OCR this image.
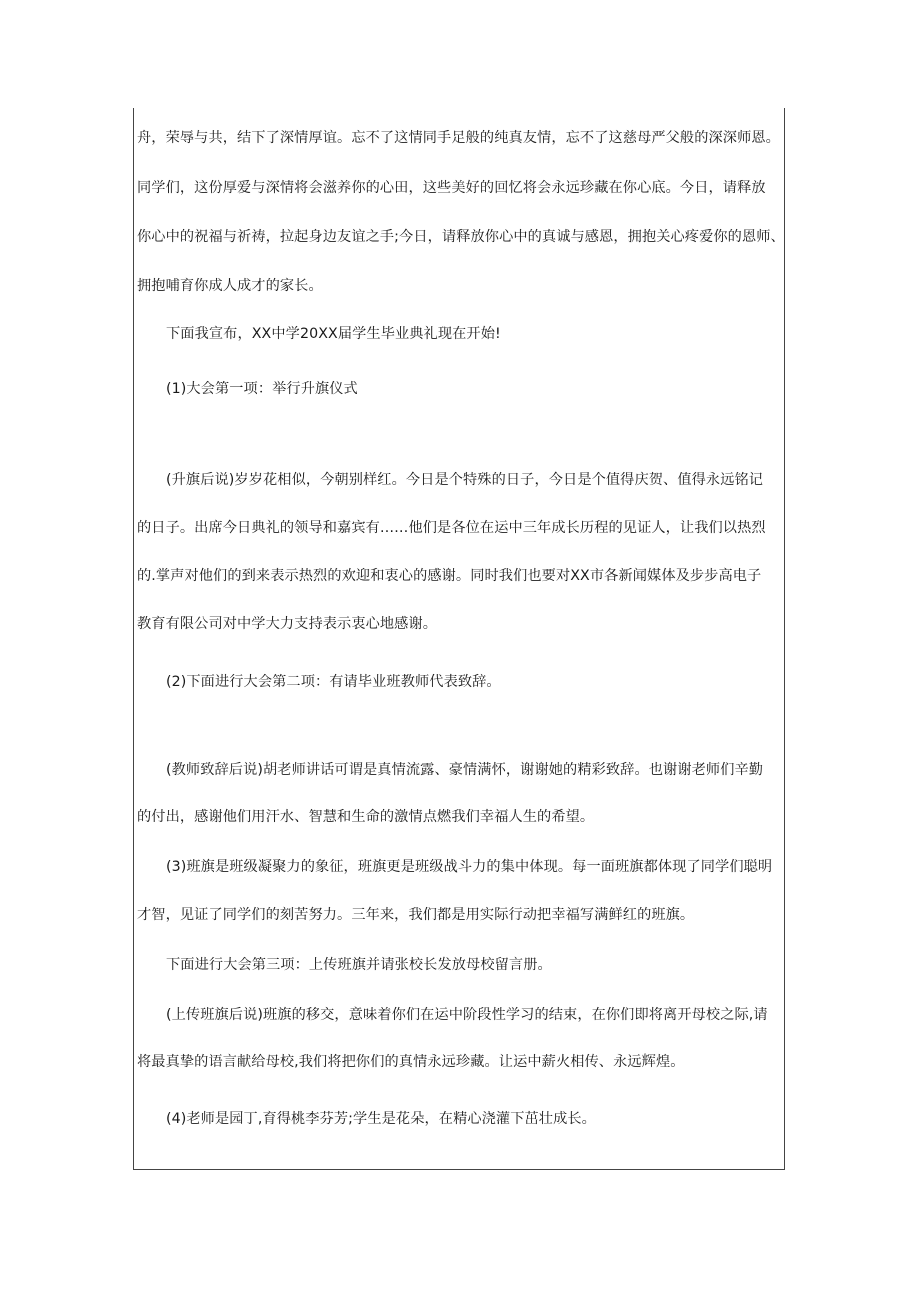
舟，荣辱与共，结下了深情厚谊。忘不了这情同手足般的纯真友情，忘不了这慈母严父般的深深师恩。
同学们，这份厚爱与深情将会滋养你的心田，这些美好的回忆将会永远珍藏在你心底。今日，请释放
你心中的祝福与祈祷，拉起身边友谊之手;今日，请释放你心中的真诚与感恩，拥抱关心疼爱你的恩师、
拥抱哺育你成人成才的家长。
下面我宣布，XX中学20XX届学生毕业典礼现在开始!
(1)大会第一项：举行升旗仪式
(升旗后说)岁岁花相似，今朝别样红。今日是个特殊的日子，今日是个值得庆贺、值得永远铭记
的日子。出席今日典礼的领导和嘉宾有……他们是各位在运中三年成长历程的见证人，让我们以热烈
的.掌声对他们的到来表示热烈的欢迎和衷心的感谢。同时我们也要对XX市各新闻媒体及步步高电子
教育有限公司对中学大力支持表示衷心地感谢。
(2)下面进行大会第二项：有请毕业班教师代表致辞。
(教师致辞后说)胡老师讲话可谓是真情流露、豪情满怀，谢谢她的精彩致辞。也谢谢老师们辛勤
的付出，感谢他们用汗水、智慧和生命的激情点燃我们幸福人生的希望。
(3)班旗是班级凝聚力的象征，班旗更是班级战斗力的集中体现。每一面班旗都体现了同学们聪明
才智，见证了同学们的刻苦努力。三年来，我们都是用实际行动把幸福写满鲜红的班旗。
下面进行大会第三项：上传班旗并请张校长发放母校留言册。
(上传班旗后说)班旗的移交，意味着你们在运中阶段性学习的结束，在你们即将离开母校之际,请
将最真挚的语言献给母校,我们将把你们的真情永远珍藏。让运中薪火相传、永远辉煌。
(4)老师是园丁,育得桃李芬芳;学生是花朵，在精心浇灌下茁壮成长。
